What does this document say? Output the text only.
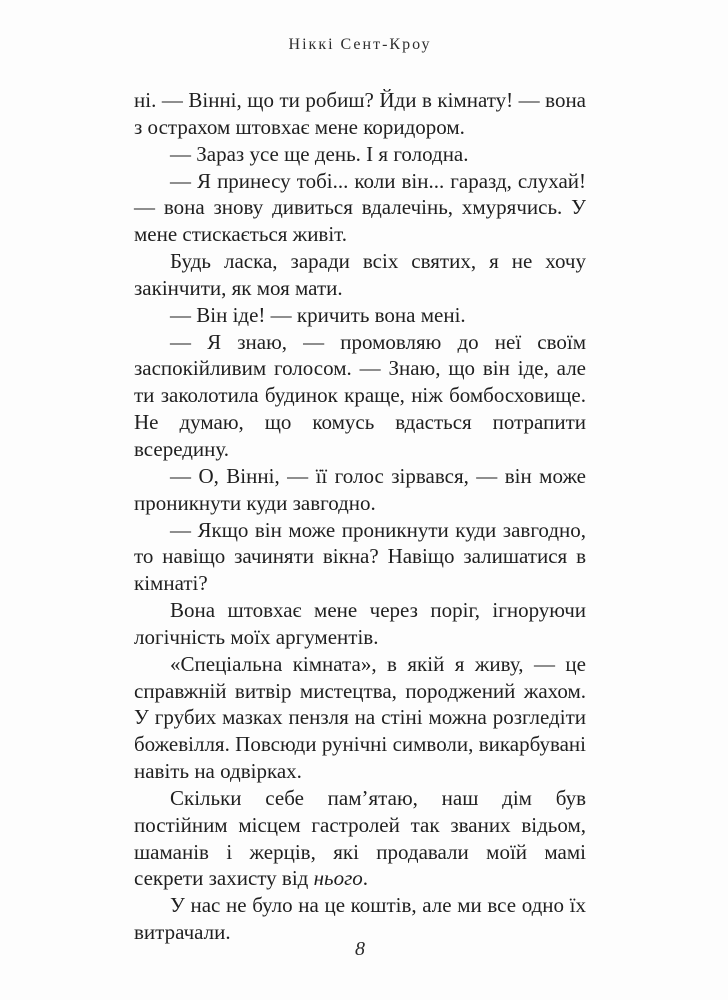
Ніккі Сент-Кроу

ні. — Вінні, що ти робиш? Йди в кімнату! — вона з острахом штовхає мене коридором.

— Зараз усе ще день. І я голодна.

— Я принесу тобі... коли він... гаразд, слухай! — вона знову дивиться вдалечінь, хмурячись. У мене стискається живіт.

Будь ласка, заради всіх святих, я не хочу закінчити, як моя мати.

— Він іде! — кричить вона мені.

— Я знаю, — промовляю до неї своїм заспокійливим голосом. — Знаю, що він іде, але ти заколотила будинок краще, ніж бомбосховище. Не думаю, що комусь вдасться потрапити всередину.

— О, Вінні, — її голос зірвався, — він може проникнути куди завгодно.

— Якщо він може проникнути куди завгодно, то навіщо зачиняти вікна? Навіщо залишатися в кімнаті?

Вона штовхає мене через поріг, ігноруючи логічність моїх аргументів.

«Спеціальна кімната», в якій я живу, — це справжній витвір мистецтва, породжений жахом. У грубих мазках пензля на стіні можна розгледіти божевілля. Повсюди рунічні символи, викарбувані навіть на одвірках.

Скільки себе пам’ятаю, наш дім був постійним місцем гастролей так званих відьом, шаманів і жерців, які продавали моїй мамі секрети захисту від нього.

У нас не було на це коштів, але ми все одно їх витрачали.

8
